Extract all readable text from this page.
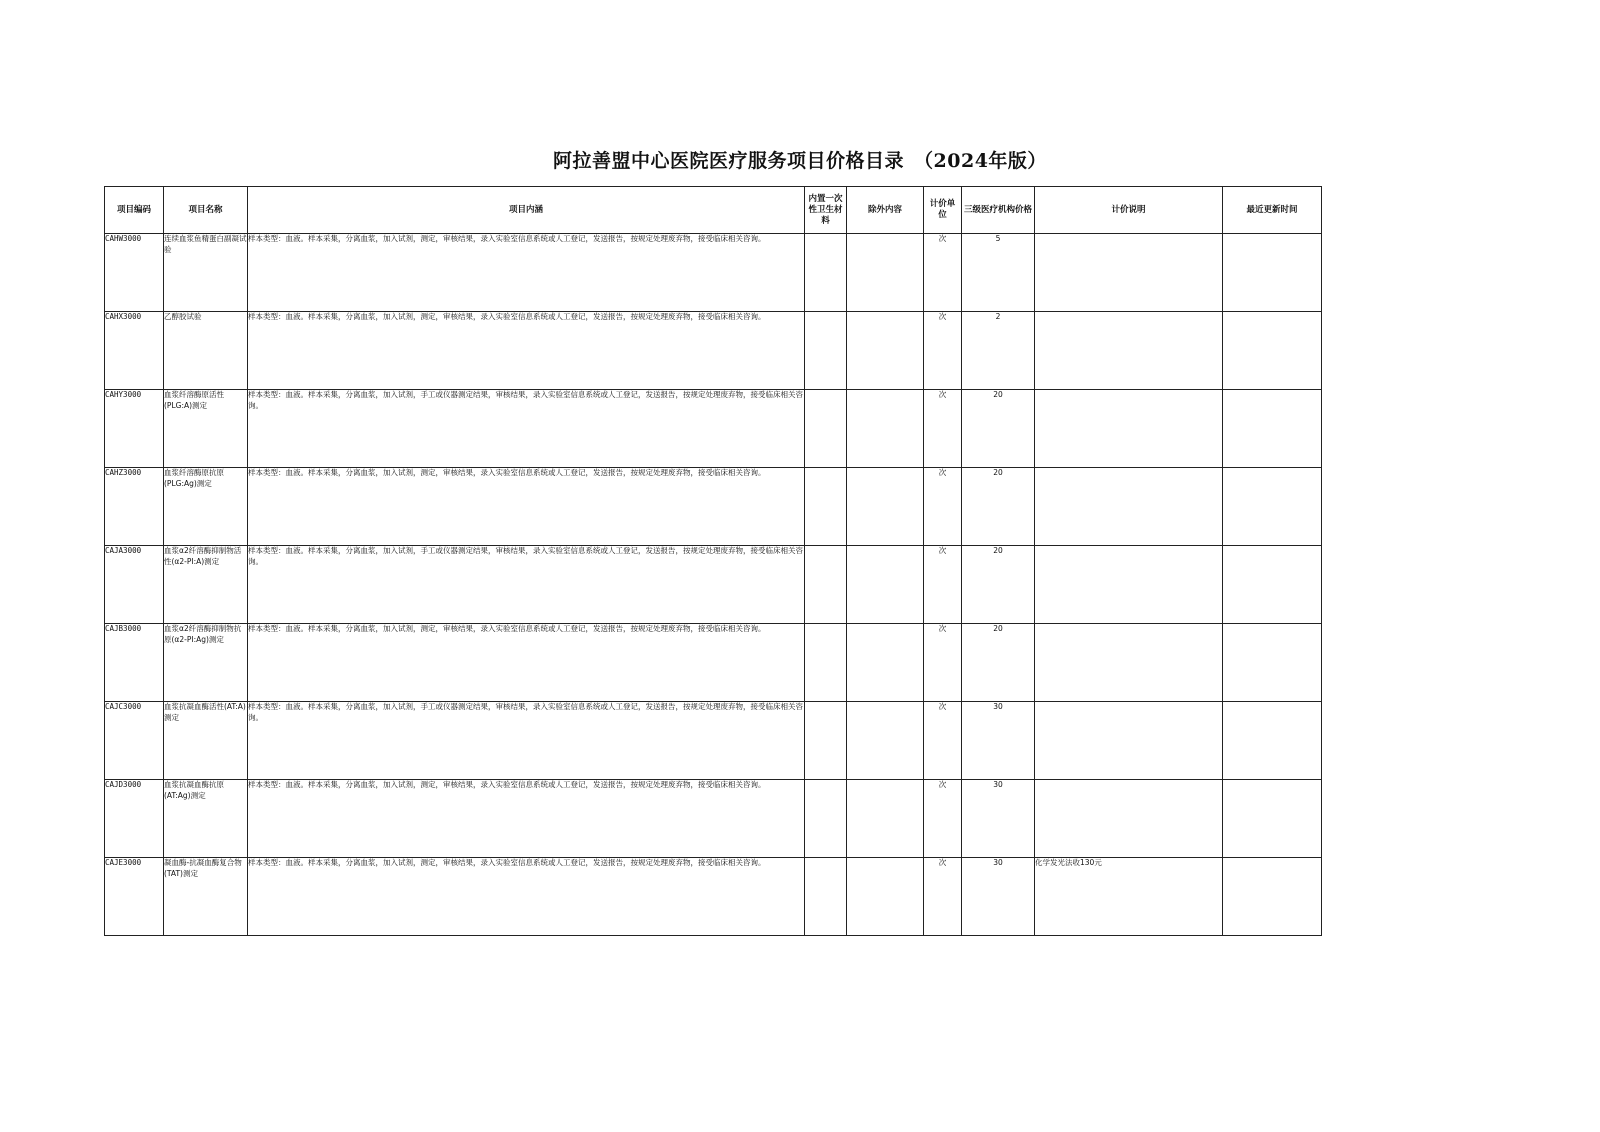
阿拉善盟中心医院医疗服务项目价格目录　（2024年版）
项目编码	项目名称	项目内涵	内置一次性卫生材料	除外内容	计价单位	三级医疗机构价格	计价说明	最近更新时间
CAHW3000	连续血浆鱼精蛋白副凝试验	样本类型：血液。样本采集，分离血浆，加入试剂，测定，审核结果，录入实验室信息系统或人工登记，发送报告，按规定处理废弃物，接受临床相关咨询。			次	5		
CAHX3000	乙醇胶试验	样本类型：血液。样本采集，分离血浆，加入试剂，测定，审核结果，录入实验室信息系统或人工登记，发送报告，按规定处理废弃物，接受临床相关咨询。			次	2		
CAHY3000	血浆纤溶酶原活性(PLG:A)测定	样本类型：血液。样本采集，分离血浆，加入试剂，手工或仪器测定结果，审核结果，录入实验室信息系统或人工登记，发送报告，按规定处理废弃物，接受临床相关咨询。			次	20		
CAHZ3000	血浆纤溶酶原抗原(PLG:Ag)测定	样本类型：血液。样本采集，分离血浆，加入试剂，测定，审核结果，录入实验室信息系统或人工登记，发送报告，按规定处理废弃物，接受临床相关咨询。			次	20		
CAJA3000	血浆α2纤溶酶抑制物活性(α2-PI:A)测定	样本类型：血液。样本采集，分离血浆，加入试剂，手工或仪器测定结果，审核结果，录入实验室信息系统或人工登记，发送报告，按规定处理废弃物，接受临床相关咨询。			次	20		
CAJB3000	血浆α2纤溶酶抑制物抗原(α2-PI:Ag)测定	样本类型：血液。样本采集，分离血浆，加入试剂，测定，审核结果，录入实验室信息系统或人工登记，发送报告，按规定处理废弃物，接受临床相关咨询。			次	20		
CAJC3000	血浆抗凝血酶活性(AT:A)测定	样本类型：血液。样本采集，分离血浆，加入试剂，手工或仪器测定结果，审核结果，录入实验室信息系统或人工登记，发送报告，按规定处理废弃物，接受临床相关咨询。			次	30		
CAJD3000	血浆抗凝血酶抗原(AT:Ag)测定	样本类型：血液。样本采集，分离血浆，加入试剂，测定，审核结果，录入实验室信息系统或人工登记，发送报告，按规定处理废弃物，接受临床相关咨询。			次	30		
CAJE3000	凝血酶-抗凝血酶复合物(TAT)测定	样本类型：血液。样本采集，分离血浆，加入试剂，测定，审核结果，录入实验室信息系统或人工登记，发送报告，按规定处理废弃物，接受临床相关咨询。			次	30	化学发光法收130元	
